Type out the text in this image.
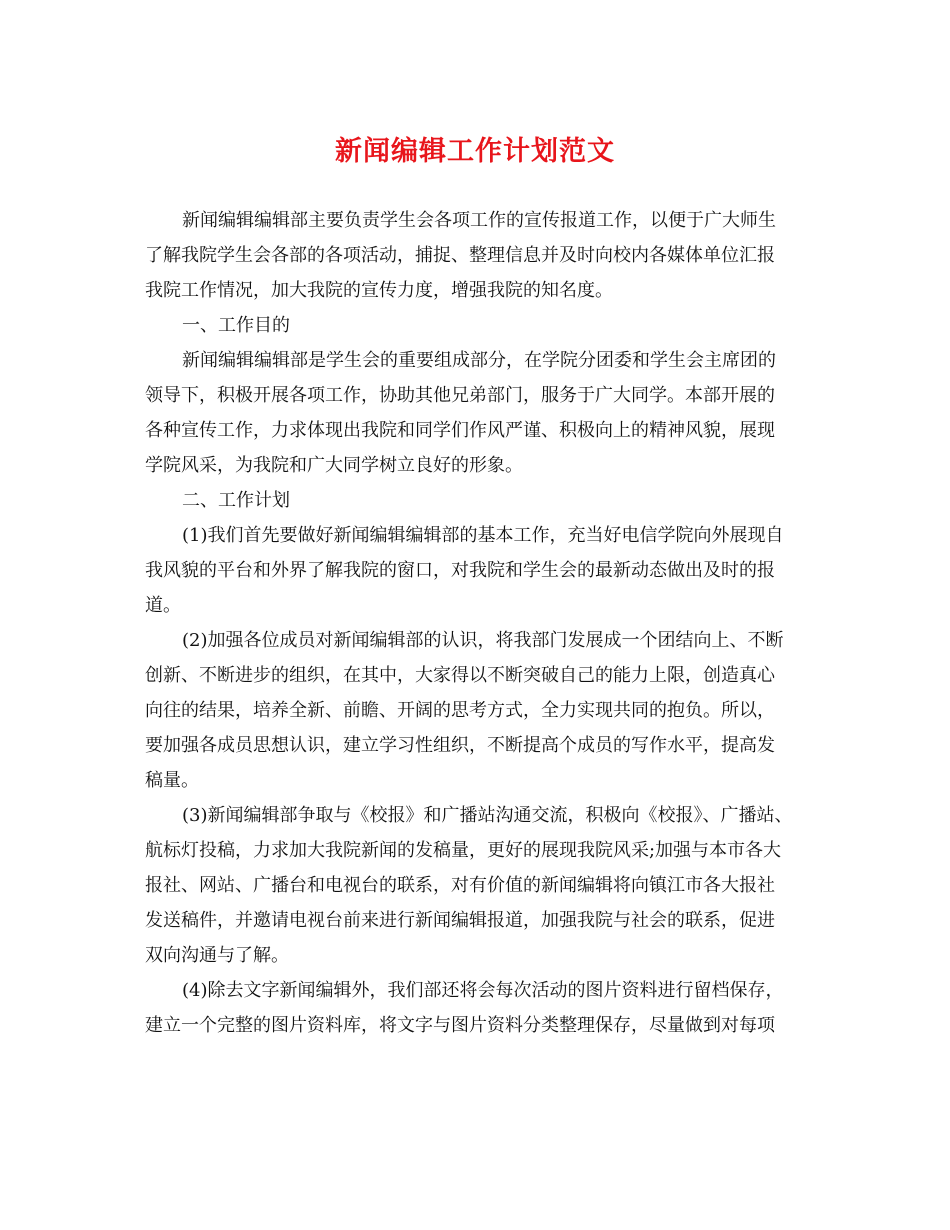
新闻编辑工作计划范文
新闻编辑编辑部主要负责学生会各项工作的宣传报道工作，以便于广大师生
了解我院学生会各部的各项活动，捕捉、整理信息并及时向校内各媒体单位汇报
我院工作情况，加大我院的宣传力度，增强我院的知名度。
一、工作目的
新闻编辑编辑部是学生会的重要组成部分，在学院分团委和学生会主席团的
领导下，积极开展各项工作，协助其他兄弟部门，服务于广大同学。本部开展的
各种宣传工作，力求体现出我院和同学们作风严谨、积极向上的精神风貌，展现
学院风采，为我院和广大同学树立良好的形象。
二、工作计划
(1)我们首先要做好新闻编辑编辑部的基本工作，充当好电信学院向外展现自
我风貌的平台和外界了解我院的窗口，对我院和学生会的最新动态做出及时的报
道。
(2)加强各位成员对新闻编辑部的认识，将我部门发展成一个团结向上、不断
创新、不断进步的组织，在其中，大家得以不断突破自己的能力上限，创造真心
向往的结果，培养全新、前瞻、开阔的思考方式，全力实现共同的抱负。所以，
要加强各成员思想认识，建立学习性组织，不断提高个成员的写作水平，提高发
稿量。
(3)新闻编辑部争取与《校报》和广播站沟通交流，积极向《校报》、广播站、
航标灯投稿，力求加大我院新闻的发稿量，更好的展现我院风采;加强与本市各大
报社、网站、广播台和电视台的联系，对有价值的新闻编辑将向镇江市各大报社
发送稿件，并邀请电视台前来进行新闻编辑报道，加强我院与社会的联系，促进
双向沟通与了解。
(4)除去文字新闻编辑外，我们部还将会每次活动的图片资料进行留档保存，
建立一个完整的图片资料库，将文字与图片资料分类整理保存，尽量做到对每项
